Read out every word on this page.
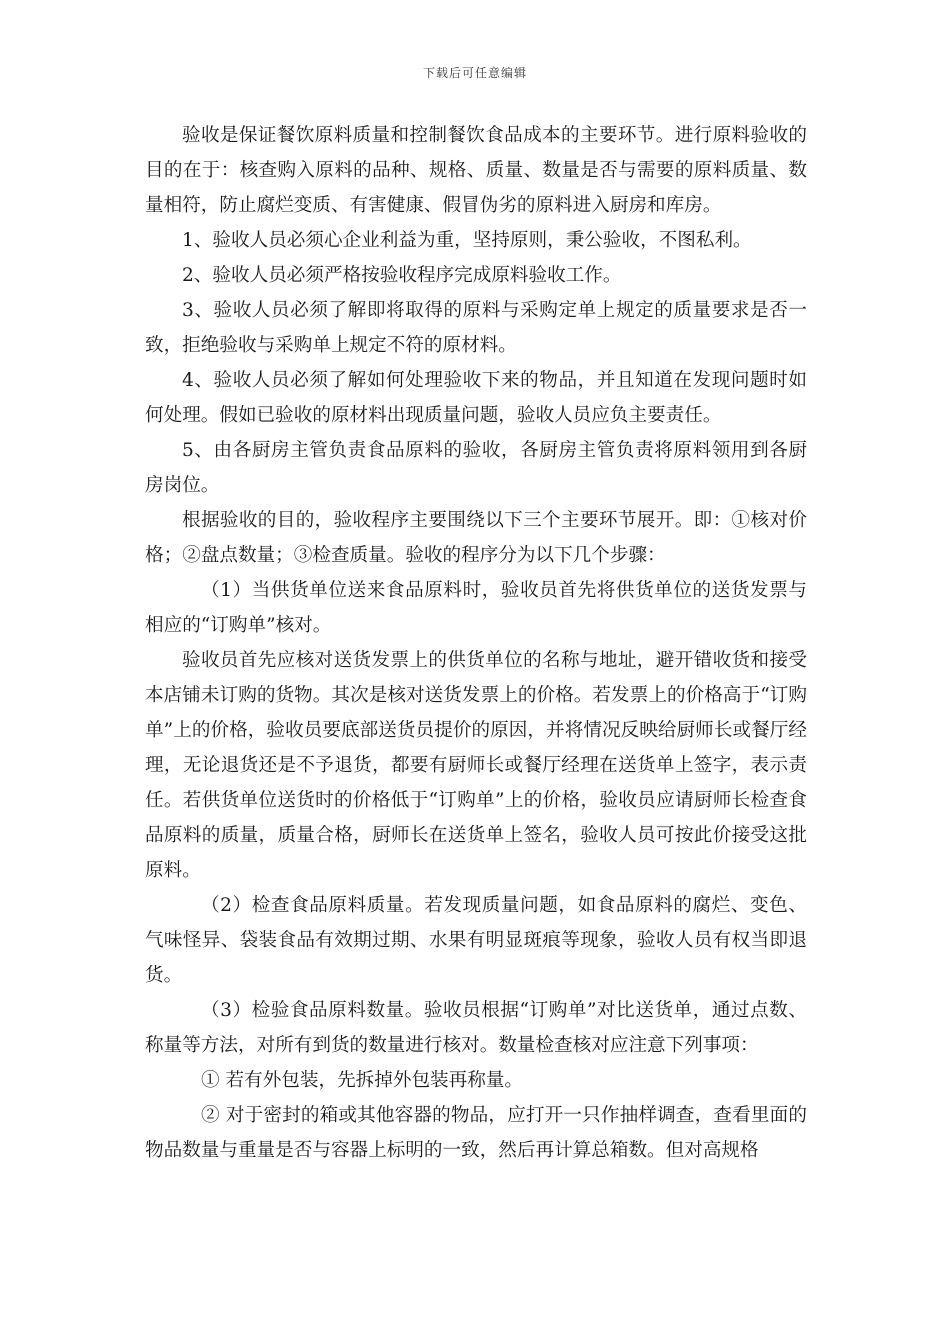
下载后可任意编辑

验收是保证餐饮原料质量和控制餐饮食品成本的主要环节。进行原料验收的目的在于：核查购入原料的品种、规格、质量、数量是否与需要的原料质量、数量相符，防止腐烂变质、有害健康、假冒伪劣的原料进入厨房和库房。

1、验收人员必须心企业利益为重，坚持原则，秉公验收，不图私利。

2、验收人员必须严格按验收程序完成原料验收工作。

3、验收人员必须了解即将取得的原料与采购定单上规定的质量要求是否一致，拒绝验收与采购单上规定不符的原材料。

4、验收人员必须了解如何处理验收下来的物品，并且知道在发现问题时如何处理。假如已验收的原材料出现质量问题，验收人员应负主要责任。

5、由各厨房主管负责食品原料的验收，各厨房主管负责将原料领用到各厨房岗位。

根据验收的目的，验收程序主要围绕以下三个主要环节展开。即：①核对价格；②盘点数量；③检查质量。验收的程序分为以下几个步骤：

（1）当供货单位送来食品原料时，验收员首先将供货单位的送货发票与相应的“订购单”核对。

验收员首先应核对送货发票上的供货单位的名称与地址，避开错收货和接受本店铺未订购的货物。其次是核对送货发票上的价格。若发票上的价格高于“订购单”上的价格，验收员要底部送货员提价的原因，并将情况反映给厨师长或餐厅经理，无论退货还是不予退货，都要有厨师长或餐厅经理在送货单上签字，表示责任。若供货单位送货时的价格低于“订购单”上的价格，验收员应请厨师长检查食品原料的质量，质量合格，厨师长在送货单上签名，验收人员可按此价接受这批原料。

（2）检查食品原料质量。若发现质量问题，如食品原料的腐烂、变色、气味怪异、袋装食品有效期过期、水果有明显斑痕等现象，验收人员有权当即退货。

（3）检验食品原料数量。验收员根据“订购单”对比送货单，通过点数、称量等方法，对所有到货的数量进行核对。数量检查核对应注意下列事项：

① 若有外包装，先拆掉外包装再称量。

② 对于密封的箱或其他容器的物品，应打开一只作抽样调查，查看里面的物品数量与重量是否与容器上标明的一致，然后再计算总箱数。但对高规格
